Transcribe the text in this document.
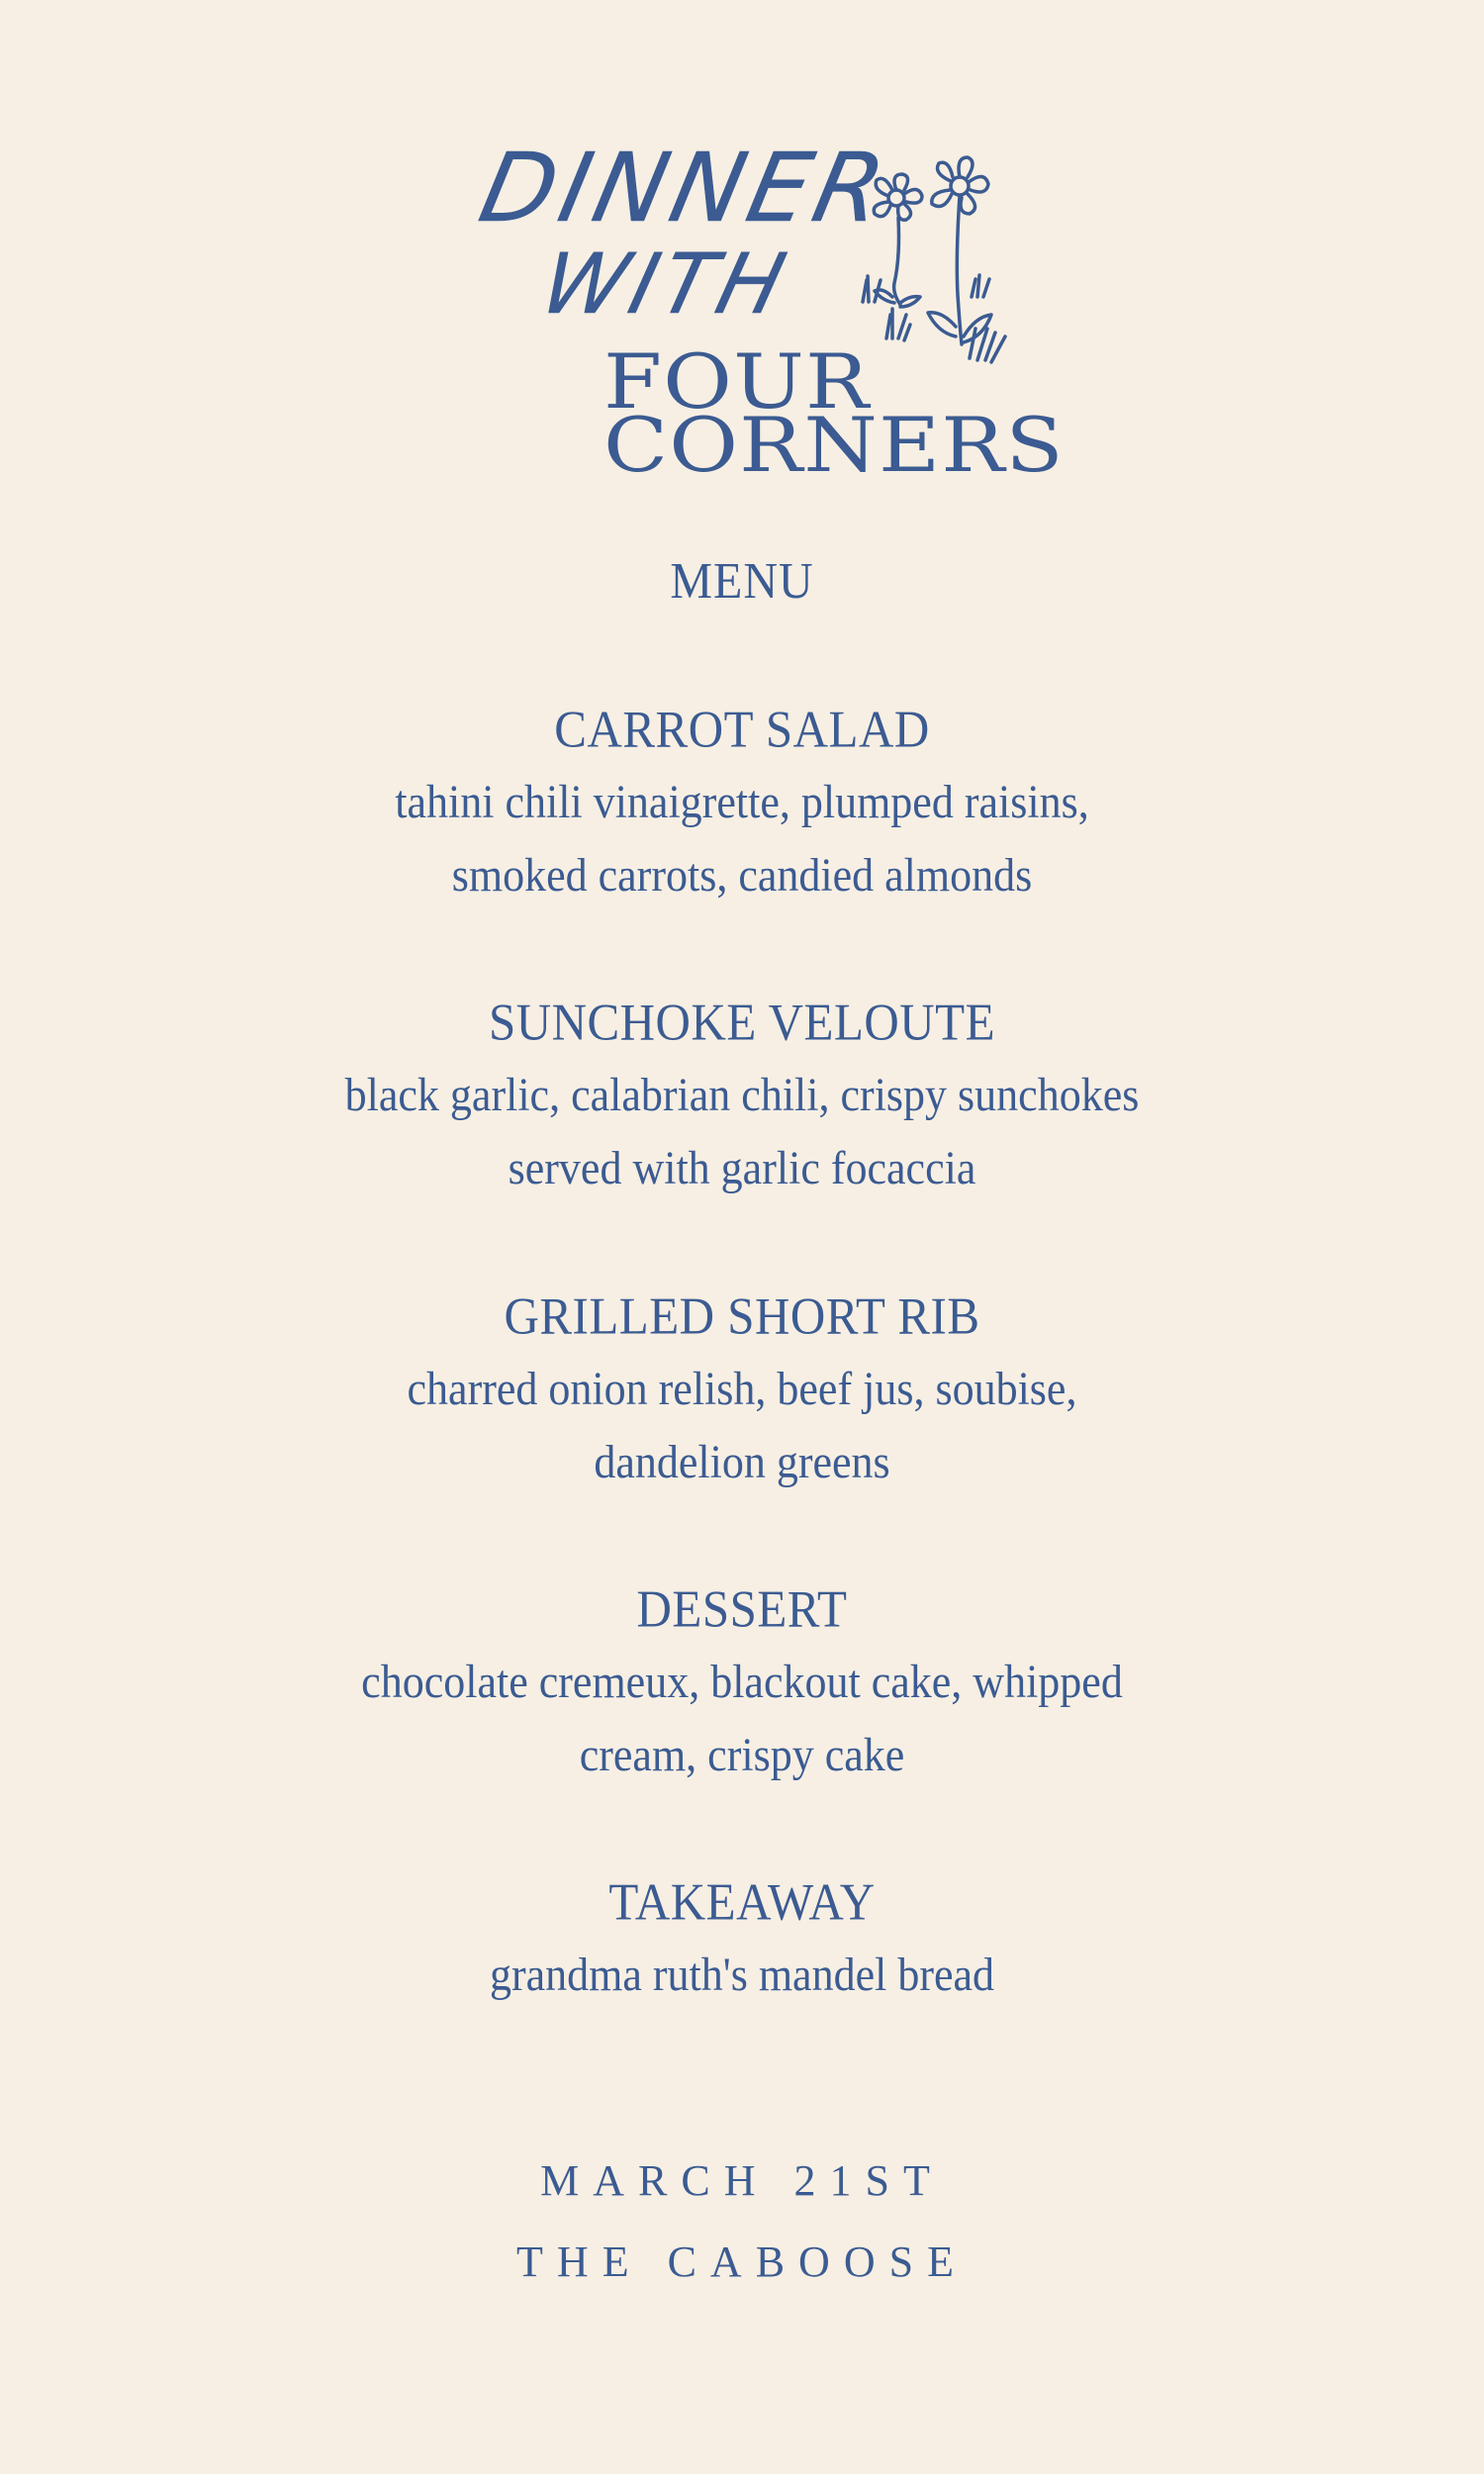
DINNER
WITH
FOUR
CORNERS
MENU
CARROT SALAD
tahini chili vinaigrette, plumped raisins,
smoked carrots, candied almonds
SUNCHOKE VELOUTE
black garlic, calabrian chili, crispy sunchokes
served with garlic focaccia
GRILLED SHORT RIB
charred onion relish, beef jus, soubise,
dandelion greens
DESSERT
chocolate cremeux, blackout cake, whipped
cream, crispy cake
TAKEAWAY
grandma ruth's mandel bread
MARCH 21ST
THE CABOOSE
